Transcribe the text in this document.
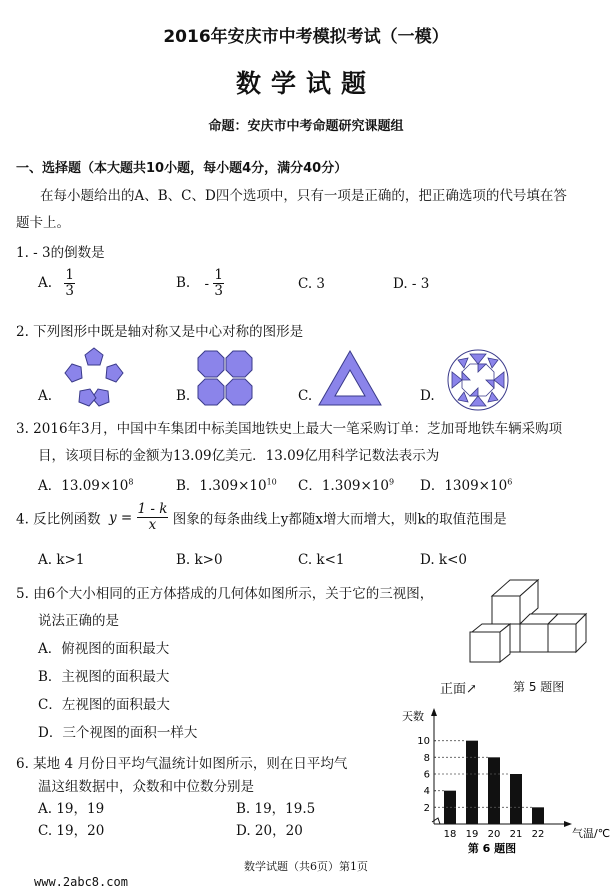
2016年安庆市中考模拟考试（一模）
数学试题
命题：安庆市中考命题研究课题组
一、选择题（本大题共10小题，每小题4分，满分40分）
在每小题给出的A、B、C、D四个选项中，只有一项是正确的，把正确选项的代号填在答
题卡上。
1. - 3的倒数是
A. $\frac{1}{3}$	B. - $\frac{1}{3}$	C. 3	D. - 3
2. 下列图形中既是轴对称又是中心对称的图形是
A.	B.	C.	D.
3. 2016年3月，中国中车集团中标美国地铁史上最大一笔采购订单：芝加哥地铁车辆采购项
目，该项目标的金额为13.09亿美元．13.09亿用科学记数法表示为
A．$13.09\times 10^8$	B．$1.309\times 10^{10}$ C．$1.309\times 10^9$ D．$1309\times 10^6$
4. 反比例函数 $y = \frac{1 - k}{x}$ 图象的每条曲线上y都随x增大而增大，则k的取值范围是
A. k>1	B. k>0	C. k<1	D. k<0
5. 由6个大小相同的正方体搭成的几何体如图所示，关于它的三视图，
说法正确的是
A．俯视图的面积最大
B．主视图的面积最大
C．左视图的面积最大
D．三个视图的面积一样大
正面↗	第 5 题图
6. 某地 4 月份日平均气温统计如图所示，则在日平均气
温这组数据中，众数和中位数分别是
A. 19，19	B. 19，19.5
C. 19，20	D. 20，20
天数
2
4
6
8
10
18 19 20 21 22	气温/℃
第 6 题图
数学试题（共6页）第1页
www.2abc8.com
